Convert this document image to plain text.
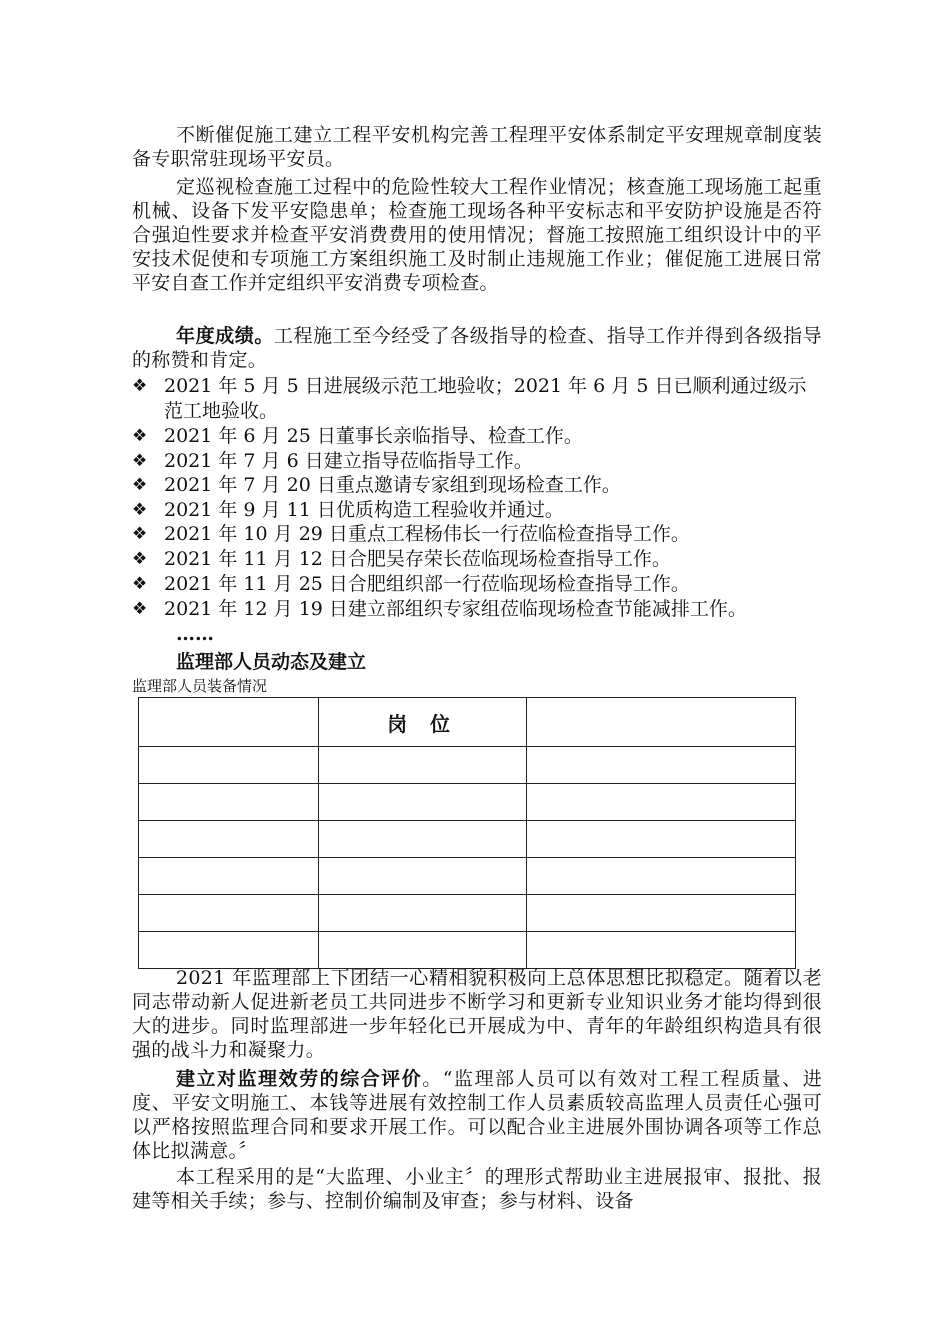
不断催促施工建立工程平安机构完善工程理平安体系制定平安理规章制度装备专职常驻现场平安员。

定巡视检查施工过程中的危险性较大工程作业情况；核查施工现场施工起重机械、设备下发平安隐患单；检查施工现场各种平安标志和平安防护设施是否符合强迫性要求并检查平安消费费用的使用情况；督施工按照施工组织设计中的平安技术促使和专项施工方案组织施工及时制止违规施工作业；催促施工进展日常平安自查工作并定组织平安消费专项检查。

年度成绩。工程施工至今经受了各级指导的检查、指导工作并得到各级指导的称赞和肯定。

❖ 2021 年 5 月 5 日进展级示范工地验收；2021 年 6 月 5 日已顺利通过级示范工地验收。
❖ 2021 年 6 月 25 日董事长亲临指导、检查工作。
❖ 2021 年 7 月 6 日建立指导莅临指导工作。
❖ 2021 年 7 月 20 日重点邀请专家组到现场检查工作。
❖ 2021 年 9 月 11 日优质构造工程验收并通过。
❖ 2021 年 10 月 29 日重点工程杨伟长一行莅临检查指导工作。
❖ 2021 年 11 月 12 日合肥吴存荣长莅临现场检查指导工作。
❖ 2021 年 11 月 25 日合肥组织部一行莅临现场检查指导工作。
❖ 2021 年 12 月 19 日建立部组织专家组莅临现场检查节能减排工作。
……
监理部人员动态及建立
监理部人员装备情况
	岗 位	

2021 年监理部上下团结一心精相貌积极向上总体思想比拟稳定。随着以老同志带动新人促进新老员工共同进步不断学习和更新专业知识业务才能均得到很大的进步。同时监理部进一步年轻化已开展成为中、青年的年龄组织构造具有很强的战斗力和凝聚力。

建立对监理效劳的综合评价。“监理部人员可以有效对工程工程质量、进度、平安文明施工、本钱等进展有效控制工作人员素质较高监理人员责任心强可以严格按照监理合同和要求开展工作。可以配合业主进展外围协调各项等工作总体比拟满意。〞

本工程采用的是“大监理、小业主〞的理形式帮助业主进展报审、报批、报建等相关手续；参与、控制价编制及审查；参与材料、设备
